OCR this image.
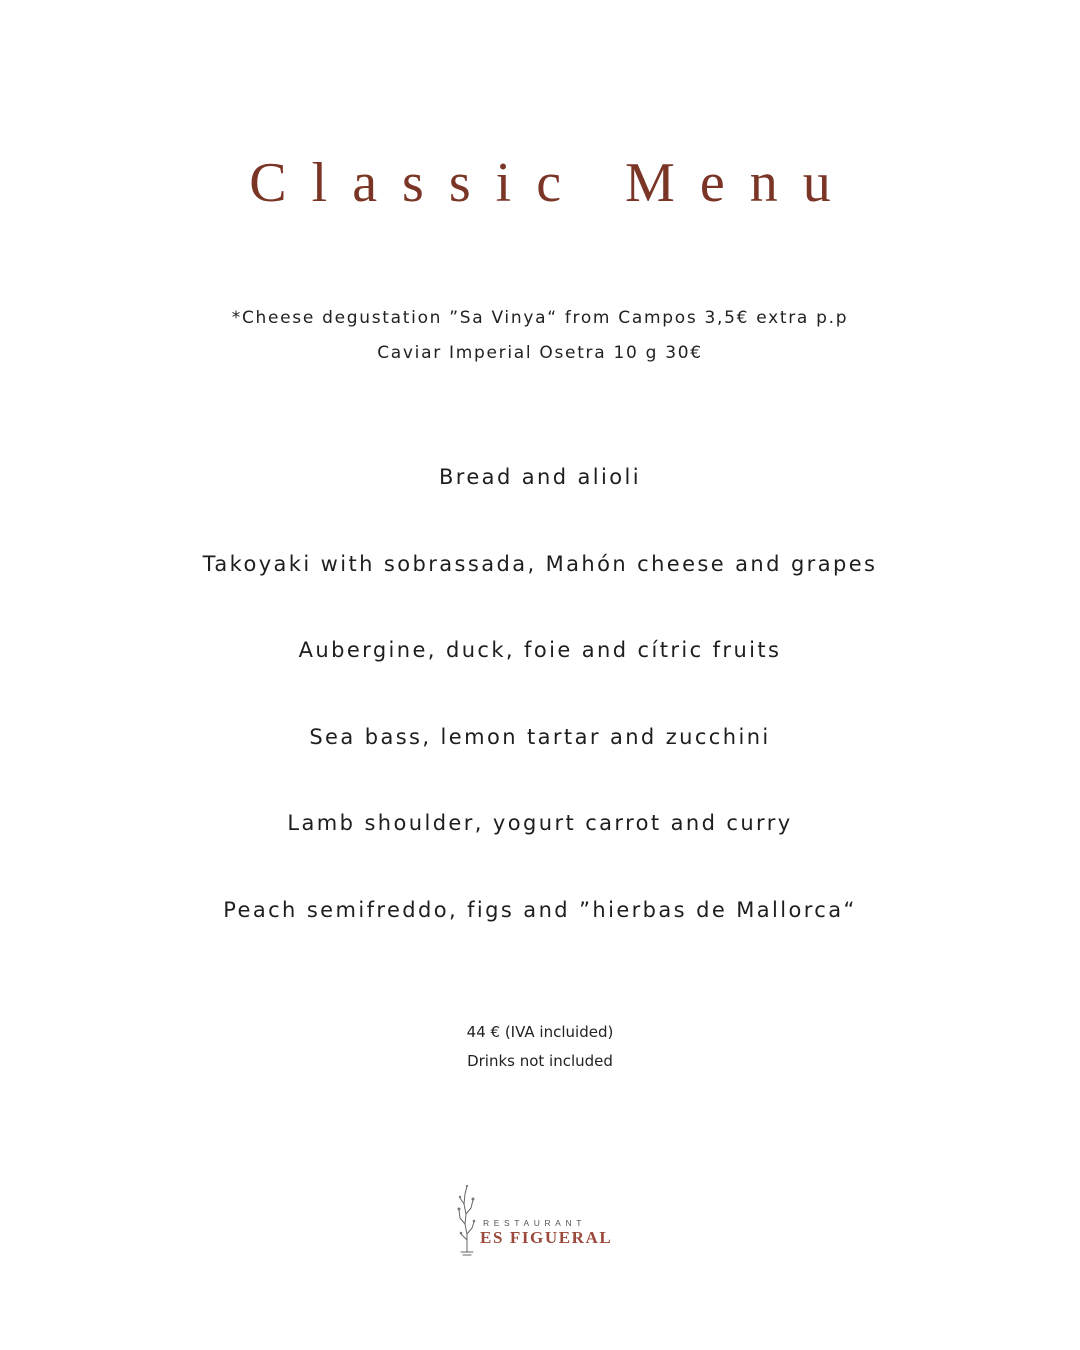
Classic Menu
*Cheese degustation ”Sa Vinya“ from Campos 3,5€ extra p.p
Caviar Imperial Osetra 10 g 30€
Bread and alioli
Takoyaki with sobrassada, Mahón cheese and grapes
Aubergine, duck, foie and cítric fruits
Sea bass, lemon tartar and zucchini
Lamb shoulder, yogurt carrot and curry
Peach semifreddo, figs and ”hierbas de Mallorca“
44 € (IVA incluided)
Drinks not included
RESTAURANT
ES FIGUERAL
